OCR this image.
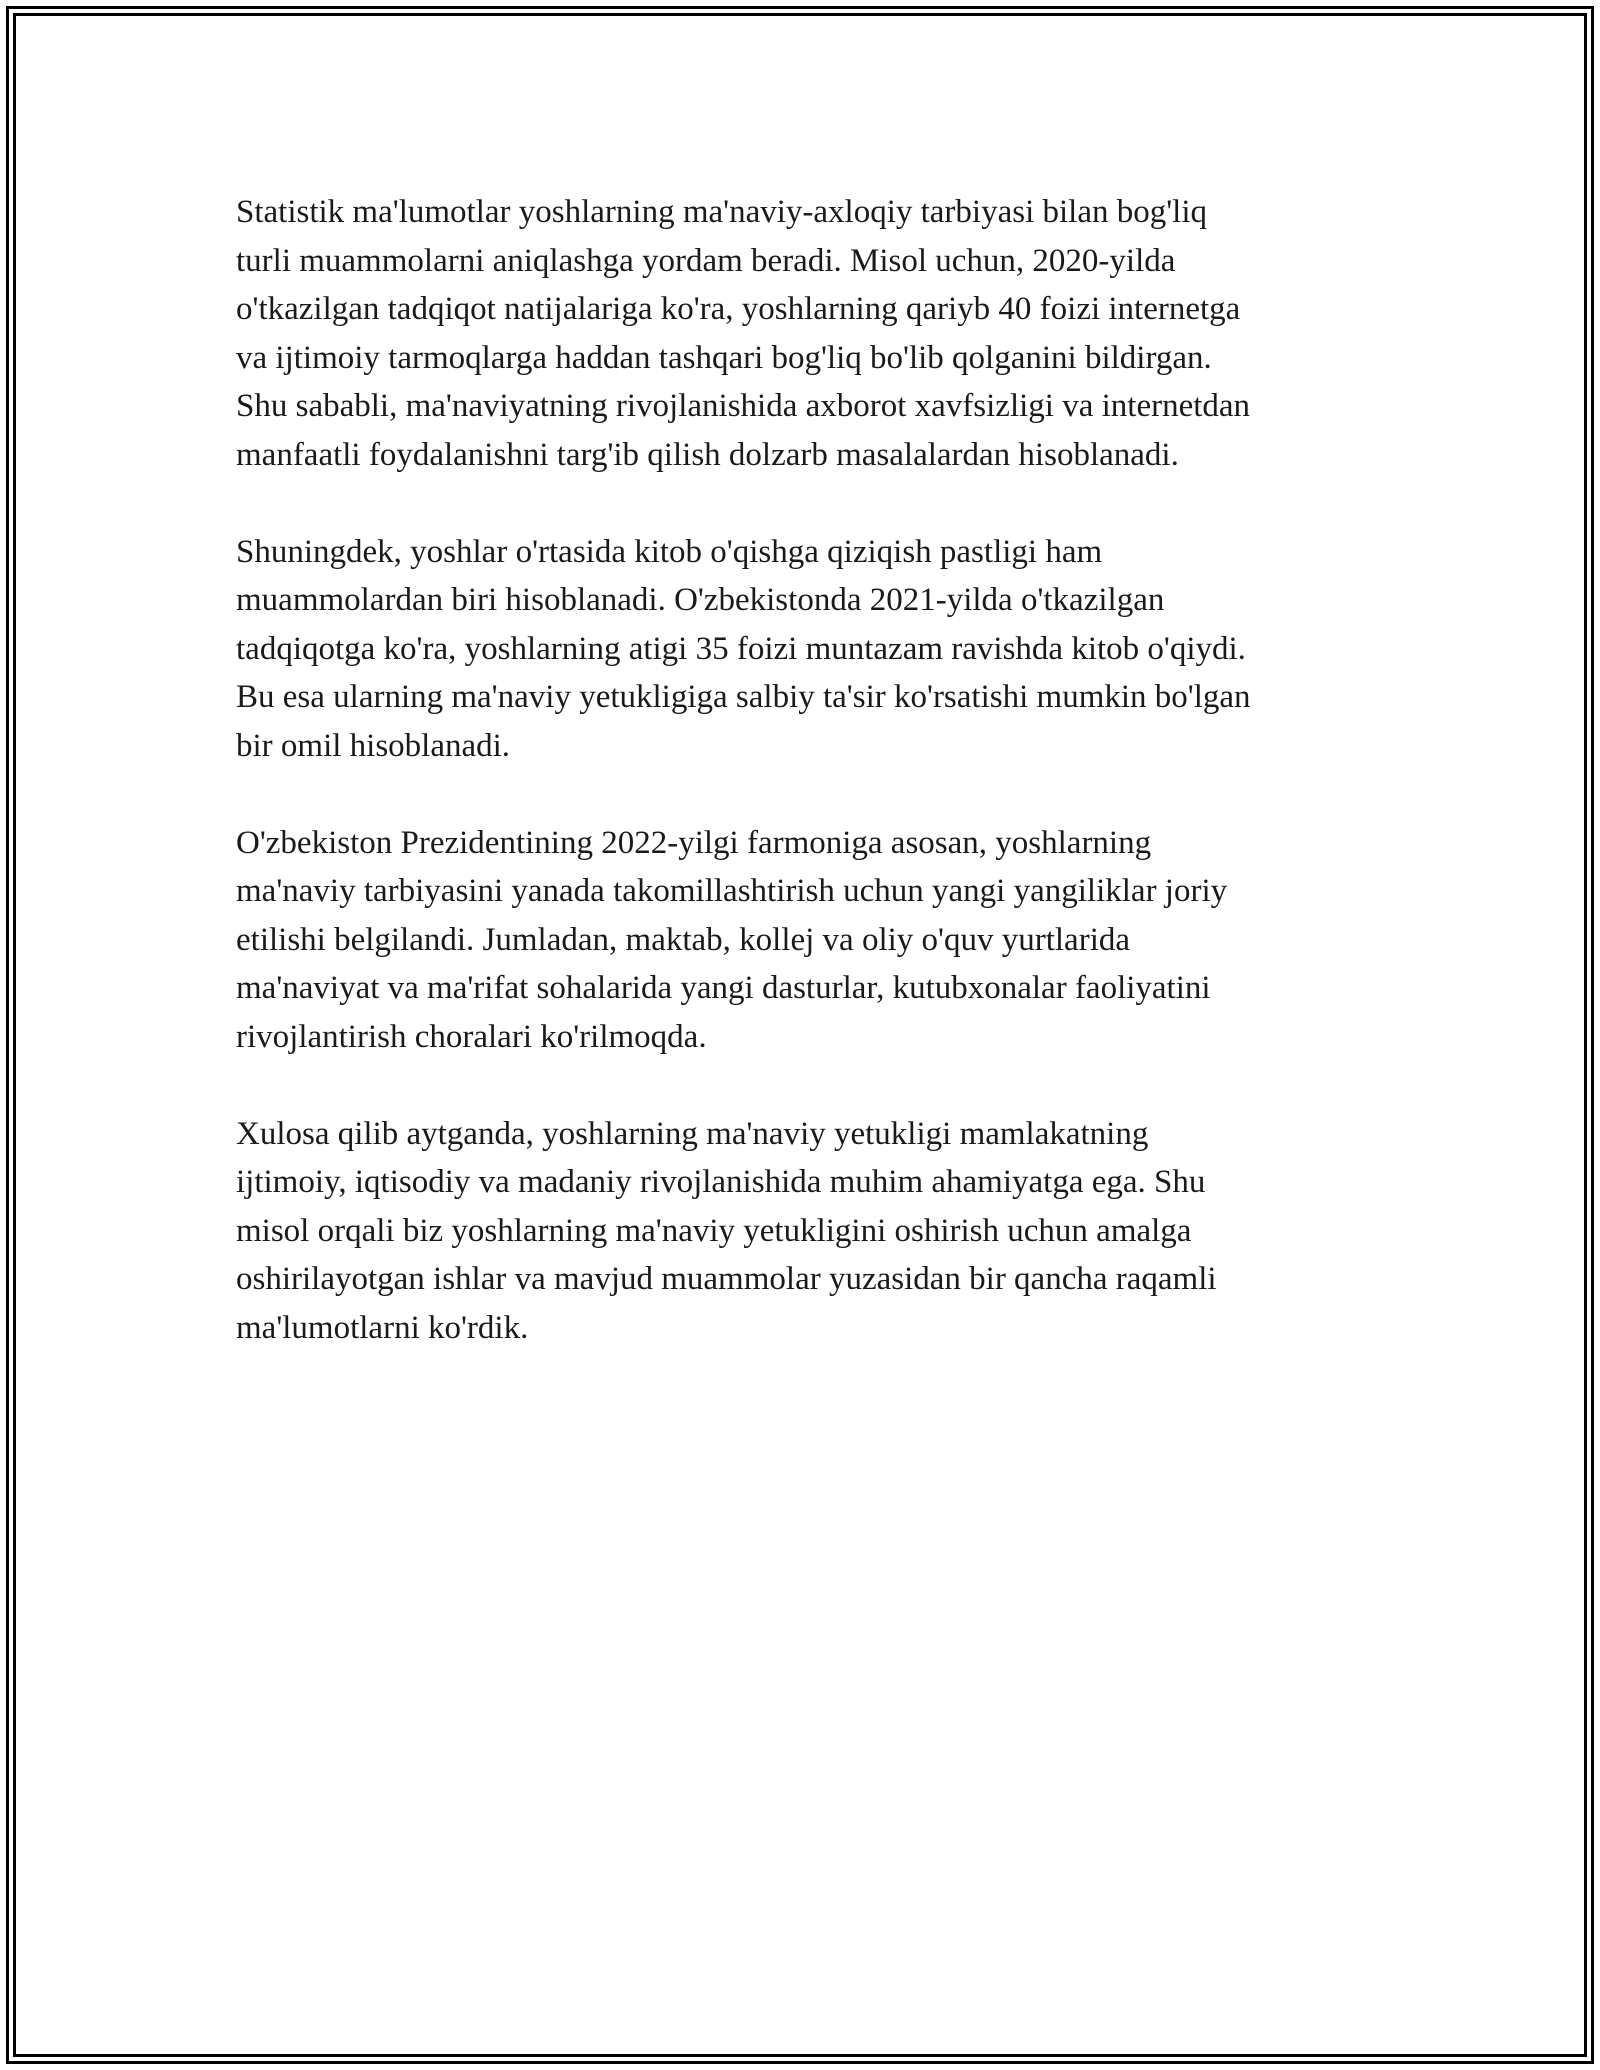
Statistik ma'lumotlar yoshlarning ma'naviy-axloqiy tarbiyasi bilan bog'liq
turli muammolarni aniqlashga yordam beradi. Misol uchun, 2020-yilda
o'tkazilgan tadqiqot natijalariga ko'ra, yoshlarning qariyb 40 foizi internetga
va ijtimoiy tarmoqlarga haddan tashqari bog'liq bo'lib qolganini bildirgan.
Shu sababli, ma'naviyatning rivojlanishida axborot xavfsizligi va internetdan
manfaatli foydalanishni targ'ib qilish dolzarb masalalardan hisoblanadi.

Shuningdek, yoshlar o'rtasida kitob o'qishga qiziqish pastligi ham
muammolardan biri hisoblanadi. O'zbekistonda 2021-yilda o'tkazilgan
tadqiqotga ko'ra, yoshlarning atigi 35 foizi muntazam ravishda kitob o'qiydi.
Bu esa ularning ma'naviy yetukligiga salbiy ta'sir ko'rsatishi mumkin bo'lgan
bir omil hisoblanadi.

O'zbekiston Prezidentining 2022-yilgi farmoniga asosan, yoshlarning
ma'naviy tarbiyasini yanada takomillashtirish uchun yangi yangiliklar joriy
etilishi belgilandi. Jumladan, maktab, kollej va oliy o'quv yurtlarida
ma'naviyat va ma'rifat sohalarida yangi dasturlar, kutubxonalar faoliyatini
rivojlantirish choralari ko'rilmoqda.

Xulosa qilib aytganda, yoshlarning ma'naviy yetukligi mamlakatning
ijtimoiy, iqtisodiy va madaniy rivojlanishida muhim ahamiyatga ega. Shu
misol orqali biz yoshlarning ma'naviy yetukligini oshirish uchun amalga
oshirilayotgan ishlar va mavjud muammolar yuzasidan bir qancha raqamli
ma'lumotlarni ko'rdik.
